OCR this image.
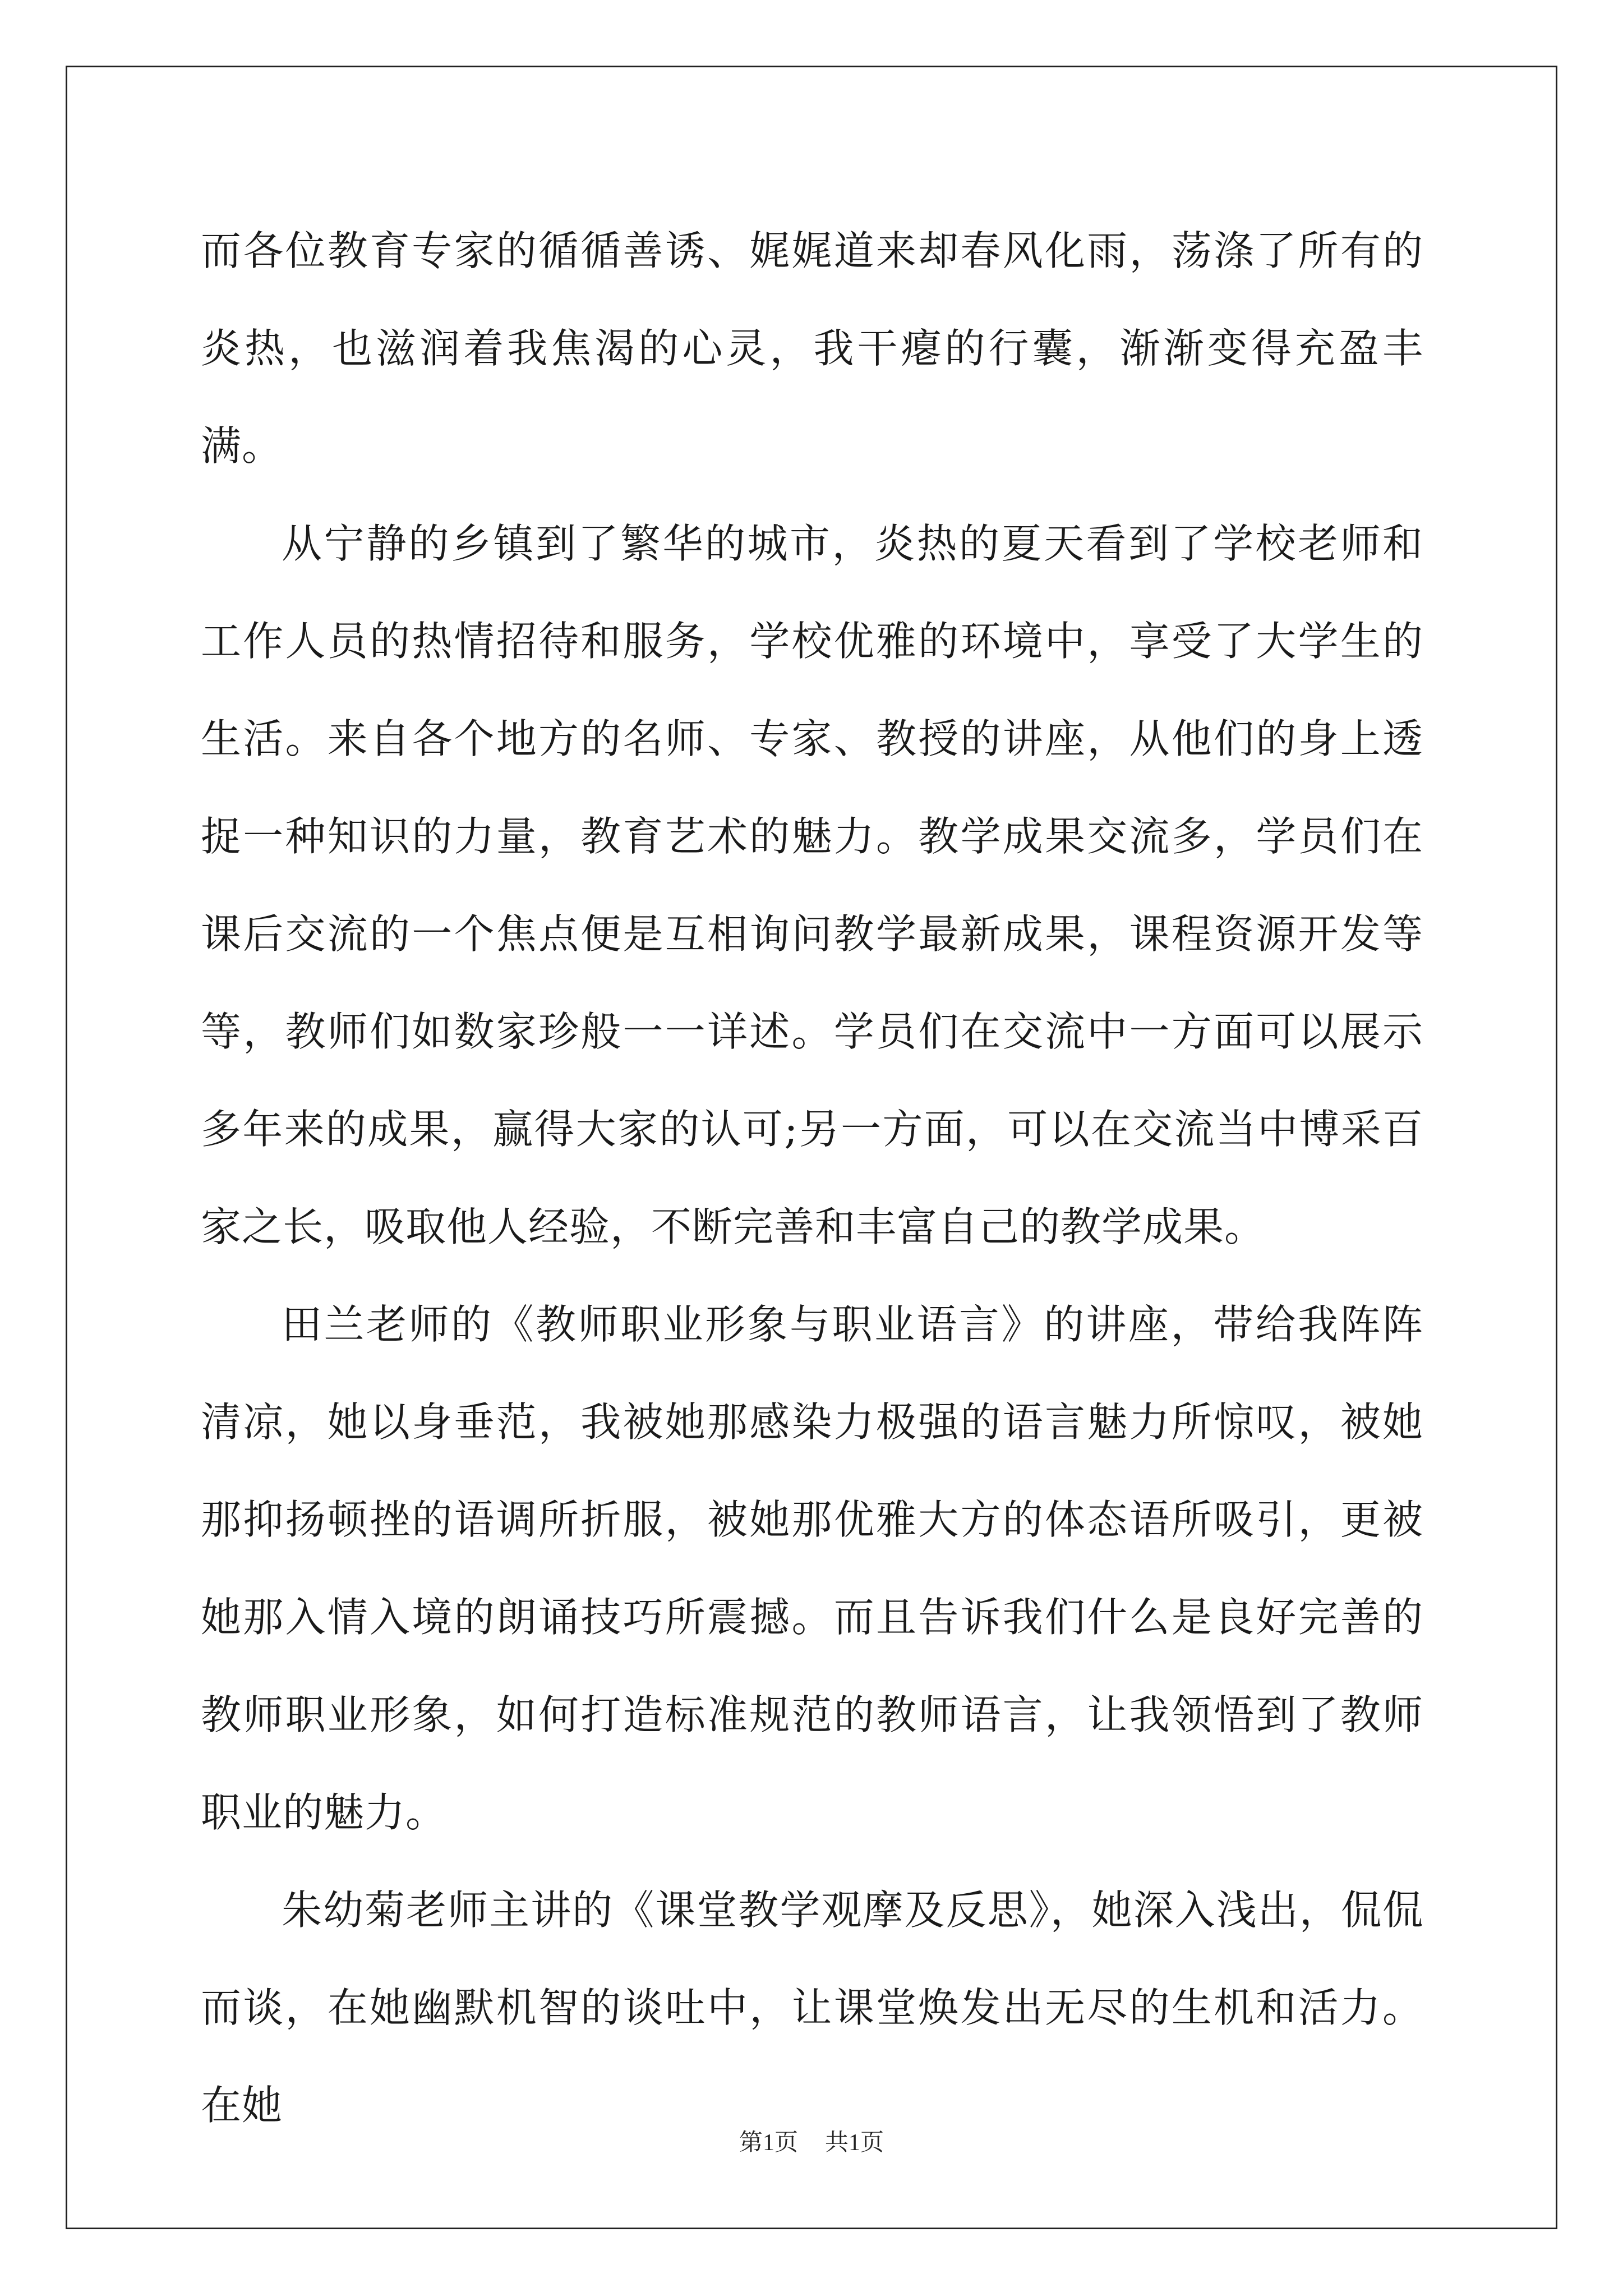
而各位教育专家的循循善诱、娓娓道来却春风化雨，荡涤了所有的炎热，也滋润着我焦渴的心灵，我干瘪的行囊，渐渐变得充盈丰满。

从宁静的乡镇到了繁华的城市，炎热的夏天看到了学校老师和工作人员的热情招待和服务，学校优雅的环境中，享受了大学生的生活。来自各个地方的名师、专家、教授的讲座，从他们的身上透捉一种知识的力量，教育艺术的魅力。教学成果交流多，学员们在课后交流的一个焦点便是互相询问教学最新成果，课程资源开发等等，教师们如数家珍般一一详述。学员们在交流中一方面可以展示多年来的成果，赢得大家的认可;另一方面，可以在交流当中博采百家之长，吸取他人经验，不断完善和丰富自己的教学成果。

田兰老师的《教师职业形象与职业语言》的讲座，带给我阵阵清凉，她以身垂范，我被她那感染力极强的语言魅力所惊叹，被她那抑扬顿挫的语调所折服，被她那优雅大方的体态语所吸引，更被她那入情入境的朗诵技巧所震撼。而且告诉我们什么是良好完善的教师职业形象，如何打造标准规范的教师语言，让我领悟到了教师职业的魅力。

朱幼菊老师主讲的《课堂教学观摩及反思》，她深入浅出，侃侃而谈，在她幽默机智的谈吐中，让课堂焕发出无尽的生机和活力。在她

第1页 共1页
